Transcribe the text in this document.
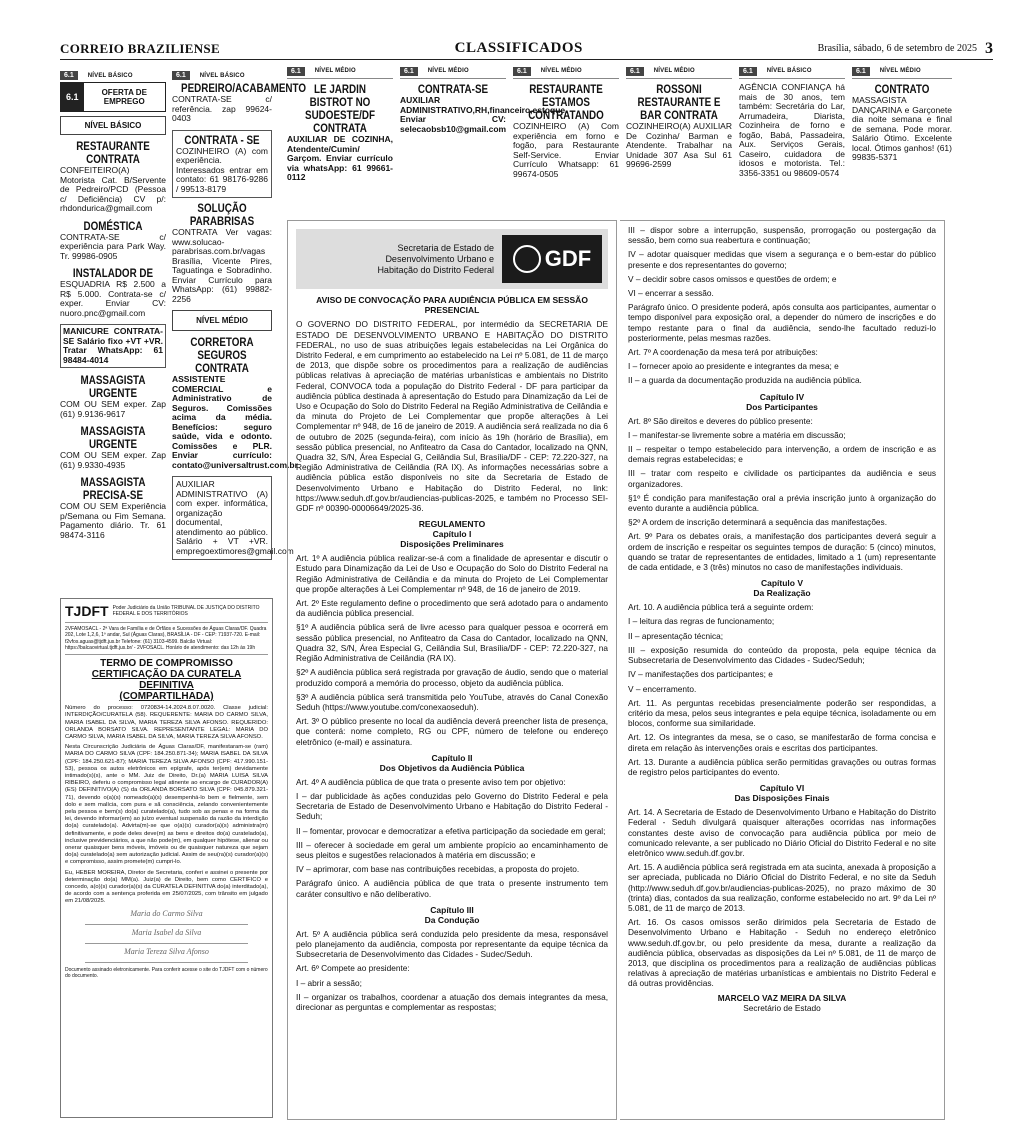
CORREIO BRAZILIENSE	CLASSIFICADOS	Brasília, sábado, 6 de setembro de 2025 3
6.1 NÍVEL BÁSICO
6.1	OFERTA DE EMPREGO
NÍVEL BÁSICO
RESTAURANTE CONTRATA
CONFEITEIRO(A) Motorista Cat. B/Servente de Pedreiro/PCD (Pessoa c/ Deficiência) CV p/: rhdondurica@gmail.com
DOMÉSTICA
CONTRATA-SE c/ experiência para Park Way. Tr. 99986-0905
INSTALADOR DE
ESQUADRIA R$ 2.500 a R$ 5.000. Contrata-se c/ exper. Enviar CV: nuoro.pnc@gmail.com
MANICURE CONTRATA-SE Salário fixo +VT +VR. Tratar WhatsApp: 61 98484-4014
MASSAGISTA URGENTE
COM OU SEM exper. Zap (61) 9.9136-9617
MASSAGISTA URGENTE
COM OU SEM exper. Zap (61) 9.9330-4935
MASSAGISTA PRECISA-SE
COM OU SEM Experiência p/Semana ou Fim Semana. Pagamento diário. Tr. 61 98474-3116
6.1 NÍVEL BÁSICO
PEDREIRO/ACABAMENTO
CONTRATA-SE c/ referência. zap 99624-0403
CONTRATA - SE
COZINHEIRO (A) com experiência. Interessados entrar em contato: 61 98176-9286 / 99513-8179
SOLUÇÃO PARABRISAS
CONTRATA Ver vagas: www.solucao-parabrisas.com.br/vagas Brasília, Vicente Pires, Taguatinga e Sobradinho. Enviar Currículo para WhatsApp: (61) 99882-2256
NÍVEL MÉDIO
CORRETORA SEGUROS CONTRATA
ASSISTENTE COMERCIAL e Administrativo de Seguros. Comissões acima da média. Benefícios: seguro saúde, vida e odonto. Comissões e PLR. Enviar currículo: contato@universaltrust.com.br
AUXILIAR ADMINISTRATIVO (A) com exper. informática, organização documental, atendimento ao público. Salário + VT +VR. empregoextimores@gmail.com
6.1	NÍVEL MÉDIO
LE JARDIN BISTROT NO SUDOESTE/DF CONTRATA
AUXILIAR DE COZINHA, Atendente/Cumin/ Garçom. Enviar currículo via whatsApp: 61 99661-0112
6.1	NÍVEL MÉDIO
CONTRATA-SE
AUXILIAR ADMINISTRATIVO,RH,financeiro,estoque. Enviar CV: selecaobsb10@gmail.com
6.1	NÍVEL MÉDIO
RESTAURANTE ESTAMOS CONTRATANDO
COZINHEIRO (A) Com experiência em forno e fogão, para Restaurante Self-Service. Enviar Currículo Whatsapp: 61 99674-0505
6.1	NÍVEL MÉDIO
ROSSONI RESTAURANTE E BAR CONTRATA
COZINHEIRO(A) AUXILIAR De Cozinha/ Barman e Atendente. Trabalhar na Unidade 307 Asa Sul 61 99696-2599
6.1	NÍVEL BÁSICO
AGÊNCIA CONFIANÇA há mais de 30 anos, tem também: Secretária do Lar, Arrumadeira, Diarista, Cozinheira de forno e fogão, Babá, Passadeira, Aux. Serviços Gerais, Caseiro, cuidadora de idosos e motorista. Tel.: 3356-3351 ou 98609-0574
6.1	NÍVEL MÉDIO
CONTRATO
MASSAGISTA DANÇARINA e Garçonete dia noite semana e final de semana. Pode morar. Salário Ótimo. Excelente local. Ótimos ganhos! (61) 99835-5371
Secretaria de Estado de Desenvolvimento Urbano e Habitação do Distrito Federal GDF
AVISO DE CONVOCAÇÃO PARA AUDIÊNCIA PÚBLICA EM SESSÃO PRESENCIAL

O GOVERNO DO DISTRITO FEDERAL, por intermédio da SECRETARIA DE ESTADO DE DESENVOLVIMENTO URBANO E HABITAÇÃO DO DISTRITO FEDERAL, no uso de suas atribuições legais estabelecidas na Lei Orgânica do Distrito Federal, e em cumprimento ao estabelecido na Lei nº 5.081, de 11 de março de 2013, que dispõe sobre os procedimentos para a realização de audiências públicas relativas à apreciação de matérias urbanísticas e ambientais no Distrito Federal, CONVOCA toda a população do Distrito Federal - DF para participar da audiência pública destinada à apresentação do Estudo para Dinamização da Lei de Uso e Ocupação do Solo do Distrito Federal na Região Administrativa de Ceilândia e da minuta do Projeto de Lei Complementar que propõe alterações à Lei Complementar nº 948, de 16 de janeiro de 2019. A audiência será realizada no dia 6 de outubro de 2025 (segunda-feira), com início às 19h (horário de Brasília), em sessão pública presencial, no Anfiteatro da Casa do Cantador, localizado na QNN, Quadra 32, S/N, Área Especial G, Ceilândia Sul, Brasília/DF - CEP: 72.220-327, na Região Administrativa de Ceilândia (RA IX). As informações necessárias sobre a audiência pública estão disponíveis no site da Secretaria de Estado de Desenvolvimento Urbano e Habitação do Distrito Federal, no link: https://www.seduh.df.gov.br/audiencias-publicas-2025, e também no Processo SEI-GDF nº 00390-00006649/2025-36.

REGULAMENTO
Capítulo I
Disposições Preliminares

Art. 1º A audiência pública realizar-se-á com a finalidade de apresentar e discutir o Estudo para Dinamização da Lei de Uso e Ocupação do Solo do Distrito Federal na Região Administrativa de Ceilândia e da minuta do Projeto de Lei Complementar que propõe alterações à Lei Complementar nº 948, de 16 de janeiro de 2019.

Art. 2º Este regulamento define o procedimento que será adotado para o andamento da audiência pública presencial.

§1º A audiência pública será de livre acesso para qualquer pessoa e ocorrerá em sessão pública presencial, no Anfiteatro da Casa do Cantador, localizado na QNN, Quadra 32, S/N, Área Especial G, Ceilândia Sul, Brasília/DF - CEP: 72.220-327, na Região Administrativa de Ceilândia (RA IX).

§2º A audiência pública será registrada por gravação de áudio, sendo que o material produzido comporá a memória do processo, objeto da audiência pública.

§3º A audiência pública será transmitida pelo YouTube, através do Canal Conexão Seduh (https://www.youtube.com/conexaoseduh).

Art. 3º O público presente no local da audiência deverá preencher lista de presença, que conterá: nome completo, RG ou CPF, número de telefone ou endereço eletrônico (e-mail) e assinatura.

Capítulo II
Dos Objetivos da Audiência Pública

Art. 4º A audiência pública de que trata o presente aviso tem por objetivo:

I – dar publicidade às ações conduzidas pelo Governo do Distrito Federal e pela Secretaria de Estado de Desenvolvimento Urbano e Habitação do Distrito Federal - Seduh;

II – fomentar, provocar e democratizar a efetiva participação da sociedade em geral;

III – oferecer à sociedade em geral um ambiente propício ao encaminhamento de seus pleitos e sugestões relacionados à matéria em discussão; e

IV – aprimorar, com base nas contribuições recebidas, a proposta do projeto.

Parágrafo único. A audiência pública de que trata o presente instrumento tem caráter consultivo e não deliberativo.

Capítulo III
Da Condução

Art. 5º A audiência pública será conduzida pelo presidente da mesa, responsável pelo planejamento da audiência, composta por representante da equipe técnica da Subsecretaria de Desenvolvimento das Cidades - Sudec/Seduh.

Art. 6º Compete ao presidente:

I – abrir a sessão;

II – organizar os trabalhos, coordenar a atuação dos demais integrantes da mesa, direcionar as perguntas e complementar as respostas;

III – dispor sobre a interrupção, suspensão, prorrogação ou postergação da sessão, bem como sua reabertura e continuação;

IV – adotar quaisquer medidas que visem a segurança e o bem-estar do público presente e dos representantes do governo;

V – decidir sobre casos omissos e questões de ordem; e

VI – encerrar a sessão.

Parágrafo único. O presidente poderá, após consulta aos participantes, aumentar o tempo disponível para exposição oral, a depender do número de inscrições e do tempo restante para o final da audiência, sendo-lhe facultado reduzi-lo posteriormente, pelas mesmas razões.

Art. 7º A coordenação da mesa terá por atribuições:

I – fornecer apoio ao presidente e integrantes da mesa; e

II – a guarda da documentação produzida na audiência pública.

Capítulo IV
Dos Participantes

Art. 8º São direitos e deveres do público presente:

I – manifestar-se livremente sobre a matéria em discussão;

II – respeitar o tempo estabelecido para intervenção, a ordem de inscrição e as demais regras estabelecidas; e

III – tratar com respeito e civilidade os participantes da audiência e seus organizadores.

§1º É condição para manifestação oral a prévia inscrição junto à organização do evento durante a audiência pública.

§2º A ordem de inscrição determinará a sequência das manifestações.

Art. 9º Para os debates orais, a manifestação dos participantes deverá seguir a ordem de inscrição e respeitar os seguintes tempos de duração: 5 (cinco) minutos, quando se tratar de representantes de entidades, limitado a 1 (um) representante de cada entidade, e 3 (três) minutos no caso de manifestações individuais.

Capítulo V
Da Realização

Art. 10. A audiência pública terá a seguinte ordem:

I – leitura das regras de funcionamento;

II – apresentação técnica;

III – exposição resumida do conteúdo da proposta, pela equipe técnica da Subsecretaria de Desenvolvimento das Cidades - Sudec/Seduh;

IV – manifestações dos participantes; e

V – encerramento.

Art. 11. As perguntas recebidas presencialmente poderão ser respondidas, a critério da mesa, pelos seus integrantes e pela equipe técnica, isoladamente ou em blocos, conforme sua similaridade.

Art. 12. Os integrantes da mesa, se o caso, se manifestarão de forma concisa e direta em relação às intervenções orais e escritas dos participantes.

Art. 13. Durante a audiência pública serão permitidas gravações ou outras formas de registro pelos participantes do evento.

Capítulo VI
Das Disposições Finais

Art. 14. A Secretaria de Estado de Desenvolvimento Urbano e Habitação do Distrito Federal - Seduh divulgará quaisquer alterações ocorridas nas informações constantes deste aviso de convocação para audiência pública por meio de comunicado relevante, a ser publicado no Diário Oficial do Distrito Federal e no site eletrônico www.seduh.df.gov.br.

Art. 15. A audiência pública será registrada em ata sucinta, anexada à proposição a ser apreciada, publicada no Diário Oficial do Distrito Federal, e no site da Seduh (http://www.seduh.df.gov.br/audiencias-publicas-2025), no prazo máximo de 30 (trinta) dias, contados da sua realização, conforme estabelecido no art. 9º da Lei nº 5.081, de 11 de março de 2013.

Art. 16. Os casos omissos serão dirimidos pela Secretaria de Estado de Desenvolvimento Urbano e Habitação - Seduh no endereço eletrônico www.seduh.df.gov.br, ou pelo presidente da mesa, durante a realização da audiência pública, observadas as disposições da Lei nº 5.081, de 11 de março de 2013, que disciplina os procedimentos para a realização de audiências públicas relativas à apreciação de matérias urbanísticas e ambientais no Distrito Federal e dá outras providências.

MARCELO VAZ MEIRA DA SILVA

Secretário de Estado

TJDFT Poder Judiciário da União TRIBUNAL DE JUSTIÇA DO DISTRITO FEDERAL E DOS TERRITÓRIOS
2VFAMOSACL - 2ª Vara de Família e de Órfãos e Sucessões de Águas Claras/DF. Quadra 202, Lote 1,2,6, 1º andar, Sul (Águas Claras), BRASÍLIA - DF - CEP: 71937-720. E-mail: f2vfos.aguas@tjdft.jus.br Telefone: (61) 3103-4599. Balcão Virtual: https://balcaovirtual.tjdft.jus.br/ - 2VFOSACL. Horário de atendimento: das 12h às 19h
TERMO DE COMPROMISSO
CERTIFICAÇÃO DA CURATELA DEFINITIVA
(COMPARTILHADA)
Número do processo: 0720834-14.2024.8.07.0020. Classe judicial: INTERDIÇÃO/CURATELA (58). REQUERENTE: MARIA DO CARMO SILVA, MARIA ISABEL DA SILVA, MARIA TEREZA SILVA AFONSO. REQUERIDO: ORLANDA BORSATO SILVA. REPRESENTANTE LEGAL: MARIA DO CARMO SILVA, MARIA ISABEL DA SILVA, MARIA TEREZA SILVA AFONSO.
Nesta Circunscrição Judiciária de Águas Claras/DF, manifestaram-se (ram) MARIA DO CARMO SILVA (CPF: 184.250.871-34); MARIA ISABEL DA SILVA (CPF: 184.250.621-87); MARIA TEREZA SILVA AFONSO (CPF: 417.990.151-53), pessoa os autos eletrônicos em epígrafe, após ter(em) devidamente intimado(s)(s), ante o MM. Juiz de Direito, Dr.(a) MARIA LUISA SILVA RIBEIRO, deferiu o compromisso legal atinente ao encargo de CURADOR(A)(ES) DEFINITIVO(A) (S) da ORLANDA BORSATO SILVA (CPF: 045.879.321-71), devendo o(a)(s) nomeado(a)(s) desempenhá-lo bem e fielmente, sem dolo e sem malícia, com pura e sã consciência, zelando convenientemente pela pessoa e bem(s) do(a) curatelado(a), tudo sob as penas e na forma da lei, devendo informar(em) ao juízo eventual suspensão da razão da interdição do(a) curatelado(a). Advirta(m)-se que o(a)(s) curador(a)(s) administra(m) definitivamente, e pode deles deve(m) as bens e direitos do(a) curatelado(a), inclusive previdenciários, a que não pode(m), em qualquer hipótese, alienar ou onerar quaisquer bens móveis, imóveis ou de quaisquer natureza que sejam do(a) curatelado(a) sem autorização judicial. Assim de seu(ra)(s) curador(a)(s) e compromisso, assim promete(m) cumpri-lo.
Eu, HEBER MOREIRA, Diretor de Secretaria, conferi e assinei o presente por determinação do(a) MM(a). Juiz(a) de Direito, bem como CERTIFICO e concedo, a(o)(s) curador(a)(s) da CURATELA DEFINITIVA do(a) interditado(a), de acordo com a sentença proferida em 25/07/2025, com trânsito em julgado em 21/08/2025.
Maria do Carmo Silva
Maria Isabel da Silva
Maria Tereza Silva Afonso
Documento assinado eletronicamente. Para conferir acesse o site do TJDFT com o número do documento.
